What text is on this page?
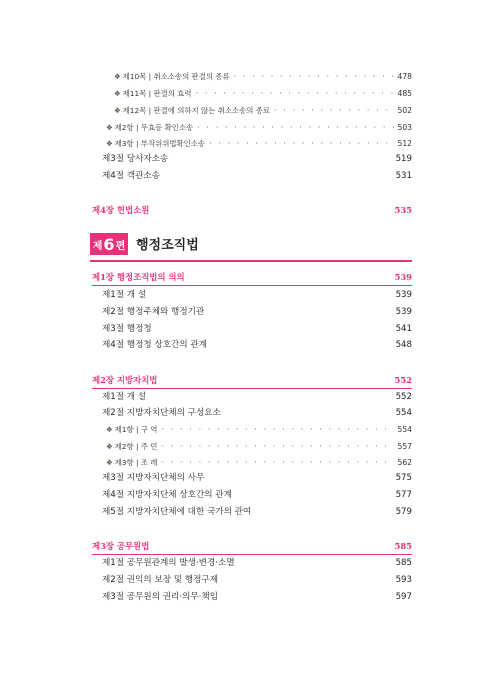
❖ 제10목 | 취소소송의 판결의 종류 · · ·	478
❖ 제11목 | 판결의 효력 · · ·	485
❖ 제12목 | 판결에 의하지 않는 취소소송의 종료 · · ·	502
❖ 제2항 | 무효등 확인소송 · · ·	503
❖ 제3항 | 부작위위법확인소송 · · ·	512
제3절 당사자소송	519
제4절 객관소송	531
제4장 헌법소원	535
제 6 편 행정조직법
제1장 행정조직법의 의의	539
제1절 개 설	539
제2절 행정주체와 행정기관	539
제3절 행정청	541
제4절 행정청 상호간의 관계	548
제2장 지방자치법	552
제1절 개 설	552
제2절 지방자치단체의 구성요소	554
❖ 제1항 | 구 역 · · ·	554
❖ 제2항 | 주 민 · · ·	557
❖ 제3항 | 조 례 · · ·	562
제3절 지방자치단체의 사무	575
제4절 지방자치단체 상호간의 관계	577
제5절 지방자치단체에 대한 국가의 관여	579
제3장 공무원법	585
제1절 공무원관계의 발생·변경·소멸	585
제2절 권익의 보장 및 행정구제	593
제3절 공무원의 권리·의무·책임	597
